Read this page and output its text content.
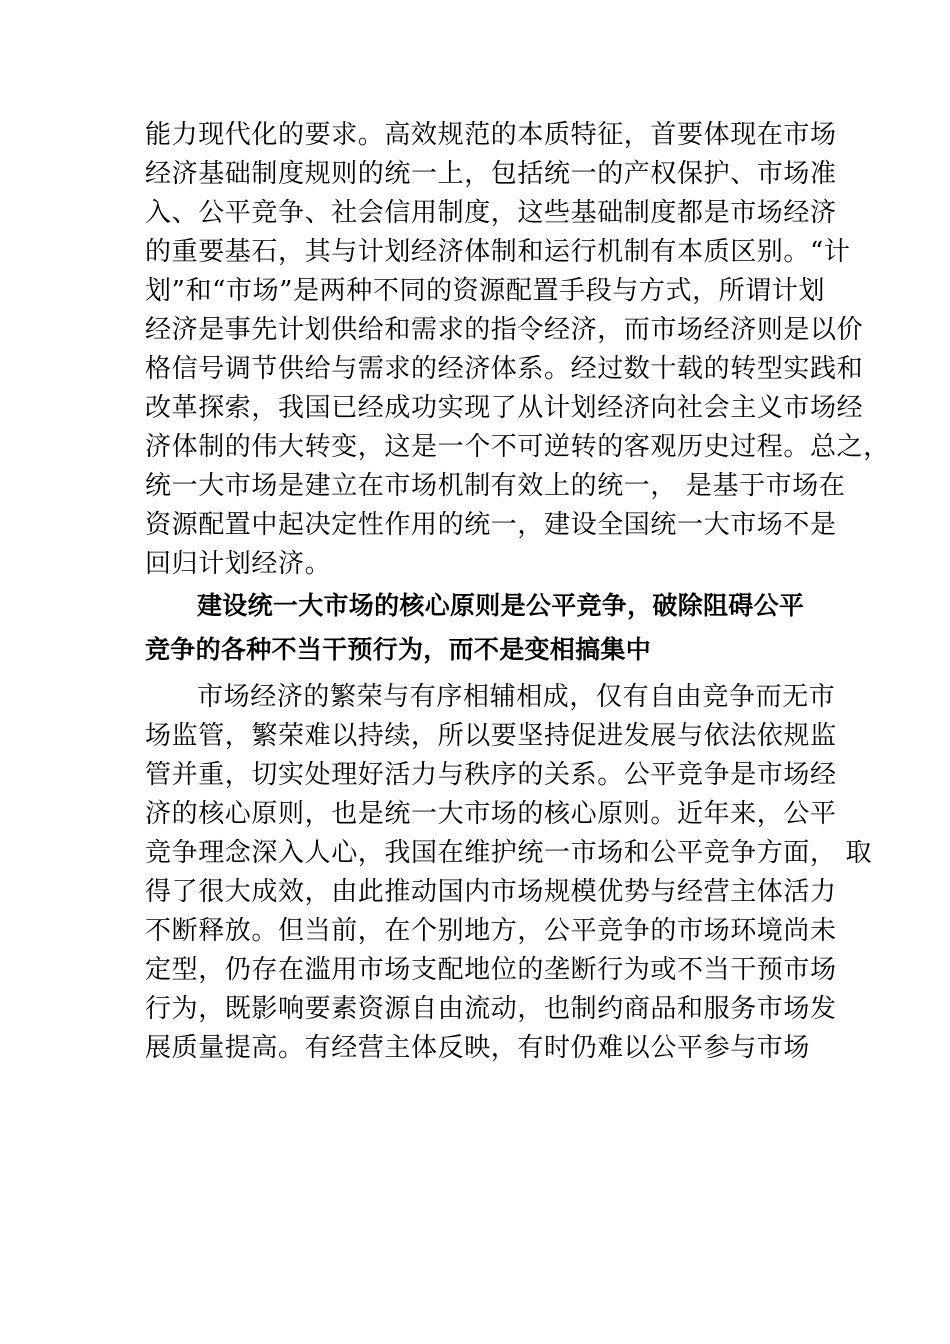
能力现代化的要求。高效规范的本质特征，首要体现在市场
经济基础制度规则的统一上，包括统一的产权保护、市场准
入、公平竞争、社会信用制度，这些基础制度都是市场经济
的重要基石，其与计划经济体制和运行机制有本质区别。“计
划”和“市场”是两种不同的资源配置手段与方式，所谓计划
经济是事先计划供给和需求的指令经济，而市场经济则是以价
格信号调节供给与需求的经济体系。经过数十载的转型实践和
改革探索，我国已经成功实现了从计划经济向社会主义市场经
济体制的伟大转变，这是一个不可逆转的客观历史过程。总之，
统一大市场是建立在市场机制有效上的统一， 是基于市场在
资源配置中起决定性作用的统一，建设全国统一大市场不是
回归计划经济。
建设统一大市场的核心原则是公平竞争，破除阻碍公平
竞争的各种不当干预行为，而不是变相搞集中
市场经济的繁荣与有序相辅相成，仅有自由竞争而无市
场监管，繁荣难以持续，所以要坚持促进发展与依法依规监
管并重，切实处理好活力与秩序的关系。公平竞争是市场经
济的核心原则，也是统一大市场的核心原则。近年来，公平
竞争理念深入人心，我国在维护统一市场和公平竞争方面， 取
得了很大成效，由此推动国内市场规模优势与经营主体活力
不断释放。但当前，在个别地方，公平竞争的市场环境尚未
定型，仍存在滥用市场支配地位的垄断行为或不当干预市场
行为，既影响要素资源自由流动，也制约商品和服务市场发
展质量提高。有经营主体反映，有时仍难以公平参与市场
